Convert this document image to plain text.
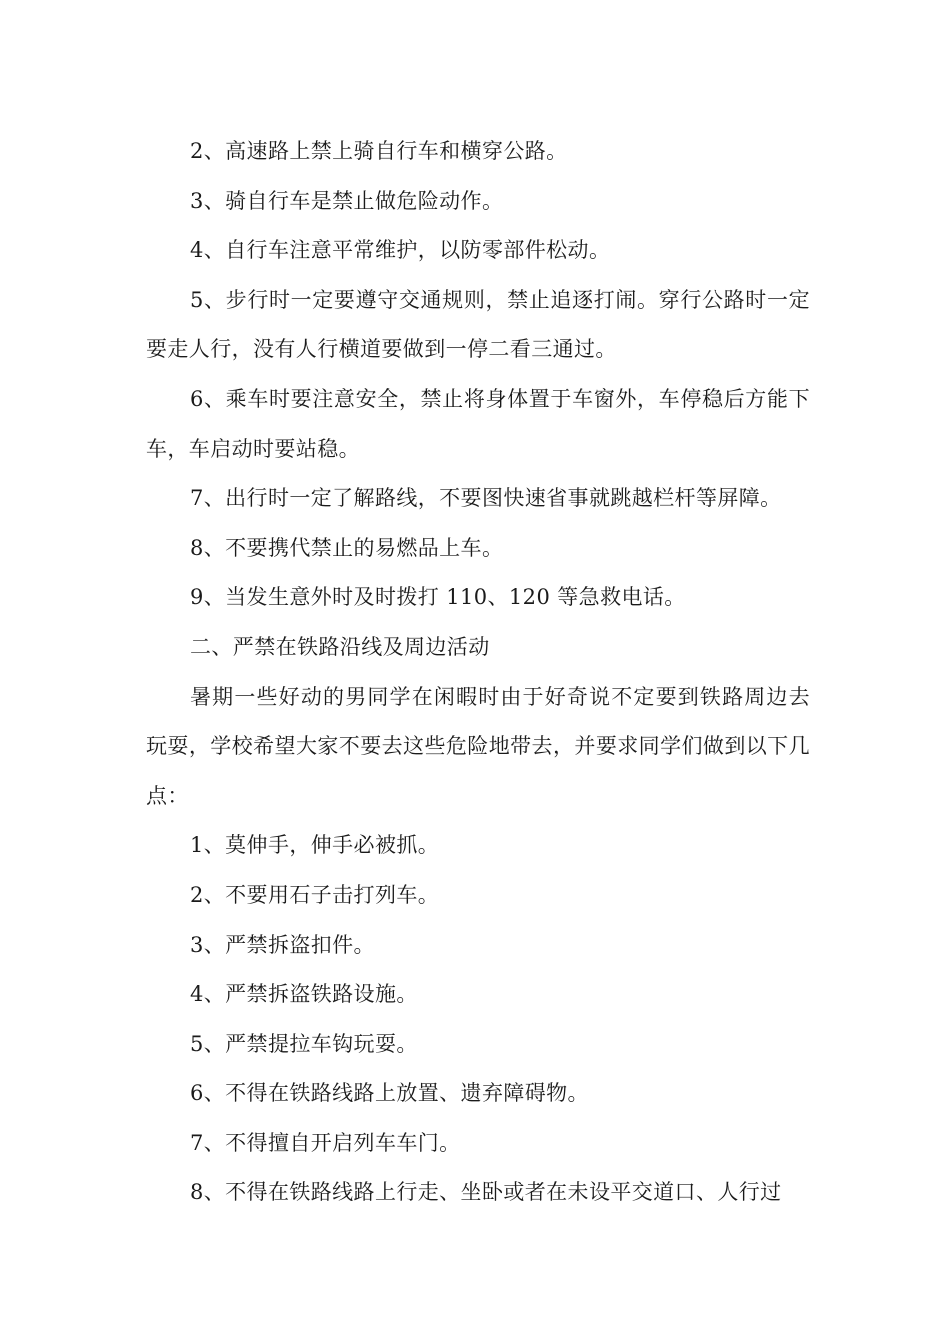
2、高速路上禁上骑自行车和横穿公路。

3、骑自行车是禁止做危险动作。

4、自行车注意平常维护，以防零部件松动。

5、步行时一定要遵守交通规则，禁止追逐打闹。穿行公路时一定要走人行，没有人行横道要做到一停二看三通过。

6、乘车时要注意安全，禁止将身体置于车窗外，车停稳后方能下车，车启动时要站稳。

7、出行时一定了解路线，不要图快速省事就跳越栏杆等屏障。

8、不要携代禁止的易燃品上车。

9、当发生意外时及时拨打 110、120 等急救电话。

二、严禁在铁路沿线及周边活动

暑期一些好动的男同学在闲暇时由于好奇说不定要到铁路周边去玩耍，学校希望大家不要去这些危险地带去，并要求同学们做到以下几点：

1、莫伸手，伸手必被抓。

2、不要用石子击打列车。

3、严禁拆盗扣件。

4、严禁拆盗铁路设施。

5、严禁提拉车钩玩耍。

6、不得在铁路线路上放置、遗弃障碍物。

7、不得擅自开启列车车门。

8、不得在铁路线路上行走、坐卧或者在未设平交道口、人行过
